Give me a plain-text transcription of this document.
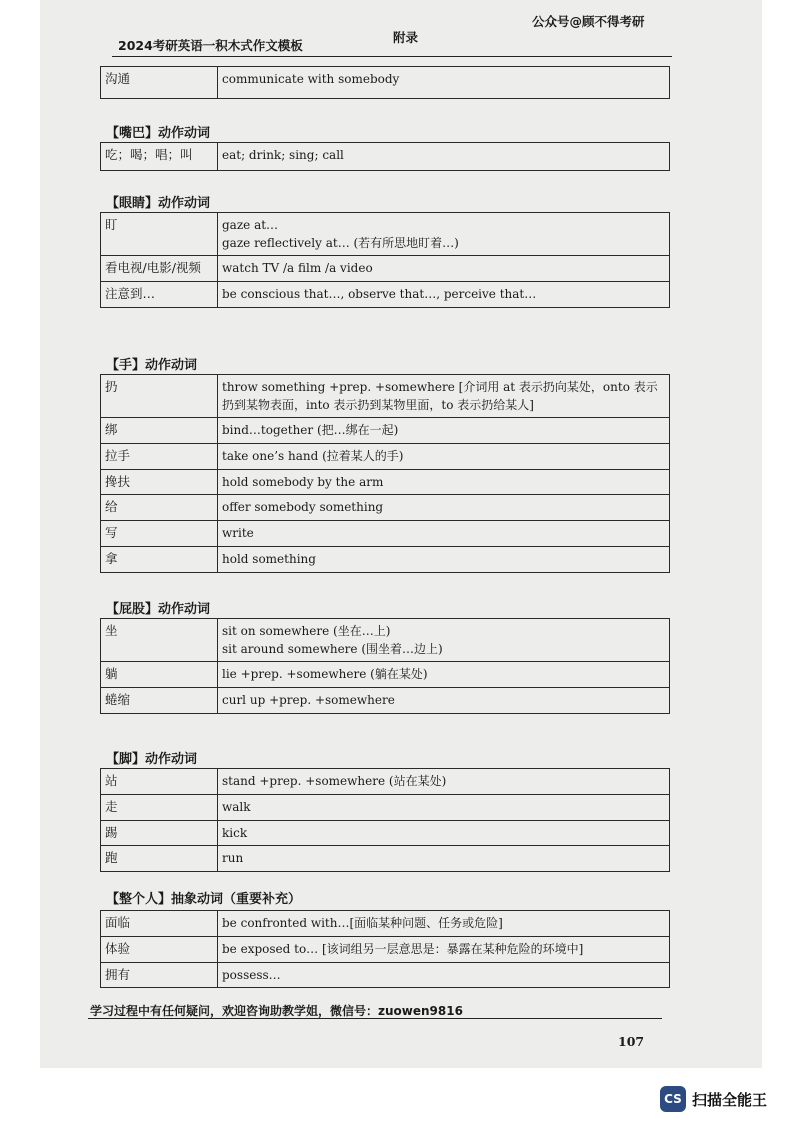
2024考研英语一积木式作文模板
附录
公众号@顾不得考研
沟通	communicate with somebody
【嘴巴】动作动词
吃；喝；唱；叫	eat; drink; sing; call
【眼睛】动作动词
盯	gaze at…
gaze reflectively at… (若有所思地盯着…)

看电视/电影/视频	watch TV /a film /a video

注意到…	be conscious that…, observe that…, perceive that…
【手】动作动词
扔	throw something +prep. +somewhere [介词用 at 表示扔向某处，onto 表示扔到某物表面，into 表示扔到某物里面，to 表示扔给某人]

绑	bind…together (把…绑在一起)

拉手	take one’s hand (拉着某人的手)

搀扶	hold somebody by the arm

给	offer somebody something

写	write

拿	hold something
【屁股】动作动词
坐	sit on somewhere (坐在…上)
sit around somewhere (围坐着…边上)

躺	lie +prep. +somewhere (躺在某处)

蜷缩	curl up +prep. +somewhere
【脚】动作动词
站	stand +prep. +somewhere (站在某处)

走	walk

踢	kick

跑	run
【整个人】抽象动词（重要补充）
面临	be confronted with…[面临某种问题、任务或危险]

体验	be exposed to… [该词组另一层意思是：暴露在某种危险的环境中]

拥有	possess…
学习过程中有任何疑问，欢迎咨询助教学姐，微信号：zuowen9816
107
CS 扫描全能王
